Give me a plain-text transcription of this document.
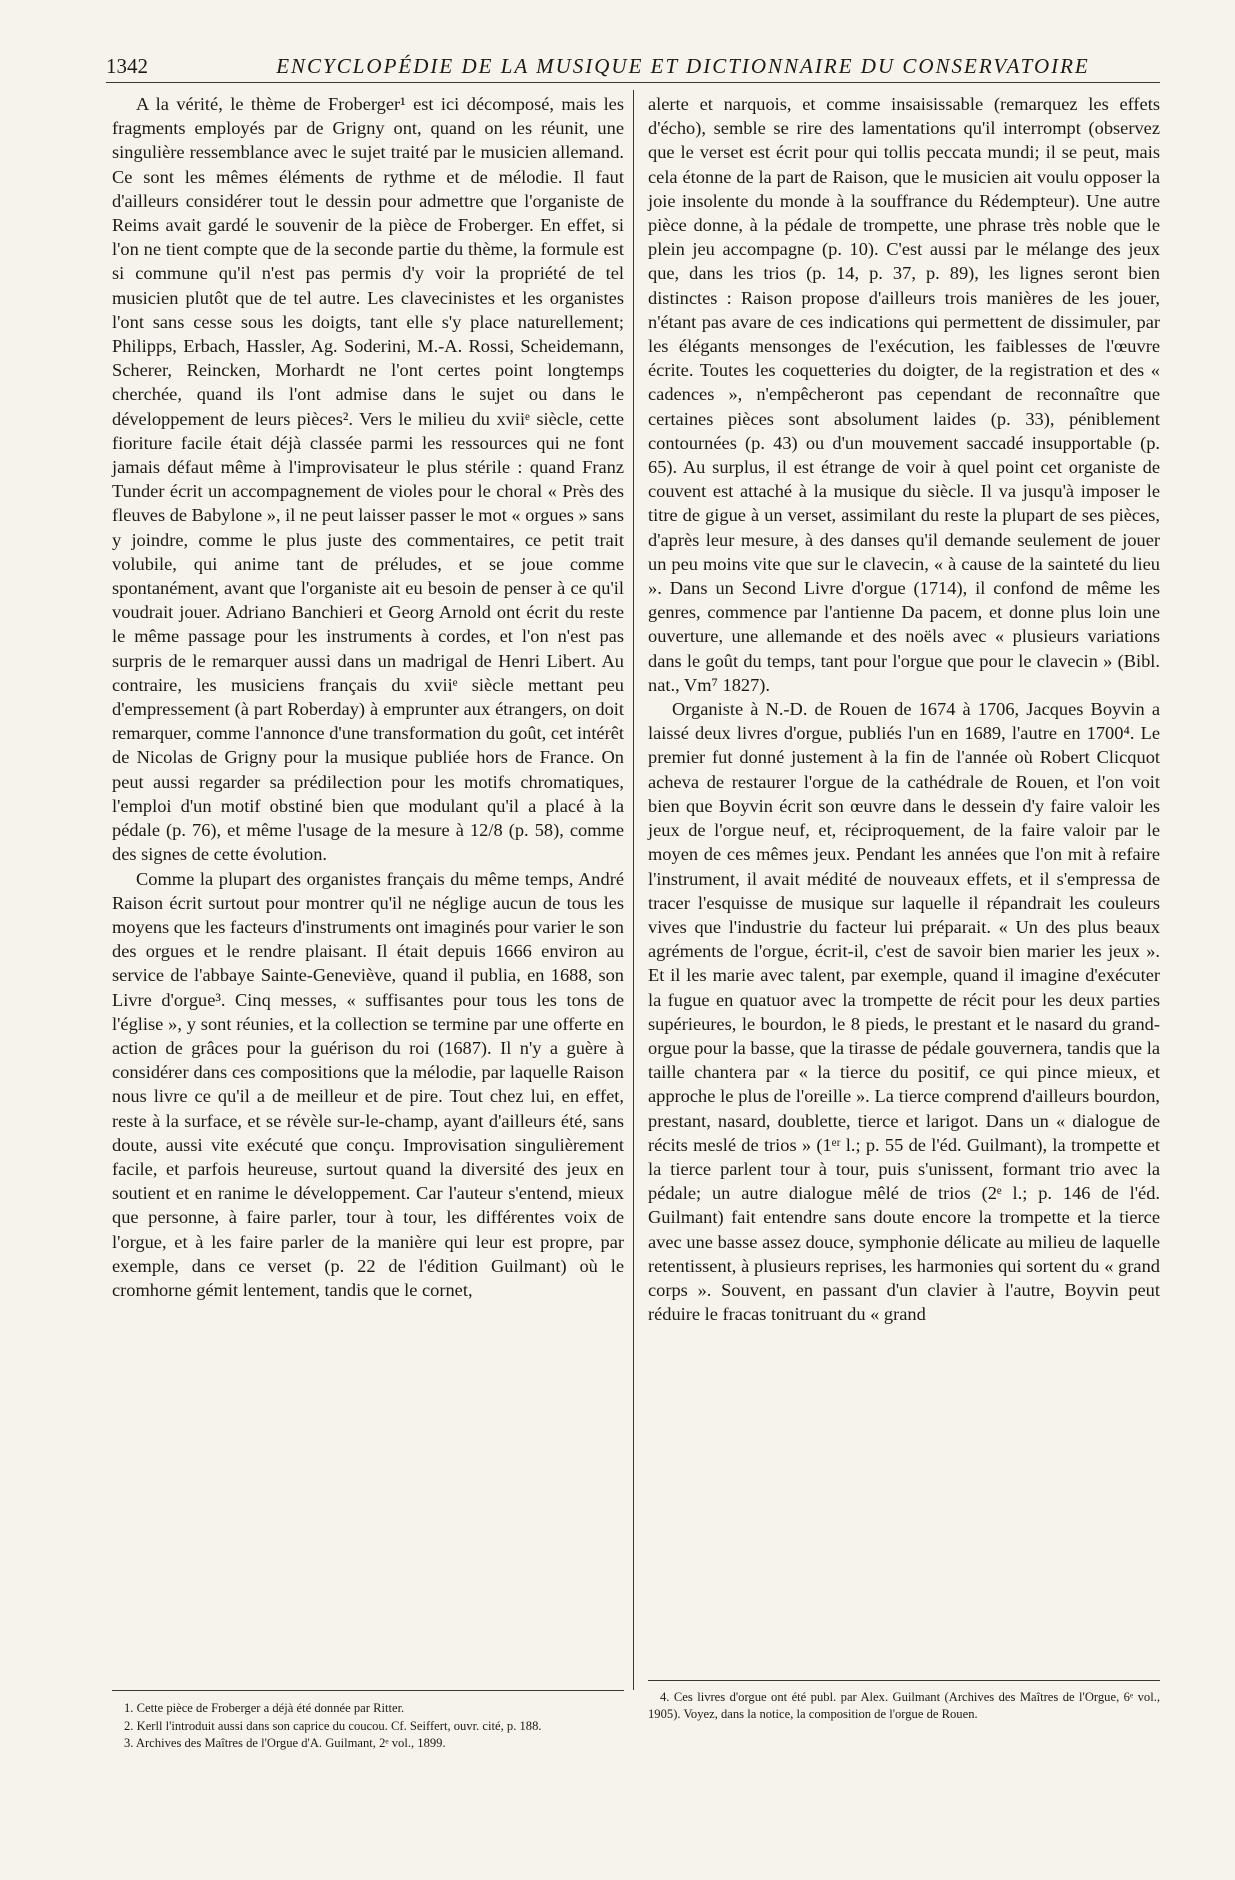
1342	ENCYCLOPÉDIE DE LA MUSIQUE ET DICTIONNAIRE DU CONSERVATOIRE

A la vérité, le thème de Froberger¹ est ici décomposé, mais les fragments employés par de Grigny ont, quand on les réunit, une singulière ressemblance avec le sujet traité par le musicien allemand. Ce sont les mêmes éléments de rythme et de mélodie. Il faut d'ailleurs considérer tout le dessin pour admettre que l'organiste de Reims avait gardé le souvenir de la pièce de Froberger. En effet, si l'on ne tient compte que de la seconde partie du thème, la formule est si commune qu'il n'est pas permis d'y voir la propriété de tel musicien plutôt que de tel autre. Les clavecinistes et les organistes l'ont sans cesse sous les doigts, tant elle s'y place naturellement; Philipps, Erbach, Hassler, Ag. Soderini, M.-A. Rossi, Scheidemann, Scherer, Reincken, Morhardt ne l'ont certes point longtemps cherchée, quand ils l'ont admise dans le sujet ou dans le développement de leurs pièces². Vers le milieu du xviiᵉ siècle, cette fioriture facile était déjà classée parmi les ressources qui ne font jamais défaut même à l'improvisateur le plus stérile : quand Franz Tunder écrit un accompagnement de violes pour le choral « Près des fleuves de Babylone », il ne peut laisser passer le mot « orgues » sans y joindre, comme le plus juste des commentaires, ce petit trait volubile, qui anime tant de préludes, et se joue comme spontanément, avant que l'organiste ait eu besoin de penser à ce qu'il voudrait jouer. Adriano Banchieri et Georg Arnold ont écrit du reste le même passage pour les instruments à cordes, et l'on n'est pas surpris de le remarquer aussi dans un madrigal de Henri Libert. Au contraire, les musiciens français du xviiᵉ siècle mettant peu d'empressement (à part Roberday) à emprunter aux étrangers, on doit remarquer, comme l'annonce d'une transformation du goût, cet intérêt de Nicolas de Grigny pour la musique publiée hors de France. On peut aussi regarder sa prédilection pour les motifs chromatiques, l'emploi d'un motif obstiné bien que modulant qu'il a placé à la pédale (p. 76), et même l'usage de la mesure à 12/8 (p. 58), comme des signes de cette évolution.

Comme la plupart des organistes français du même temps, André Raison écrit surtout pour montrer qu'il ne néglige aucun de tous les moyens que les facteurs d'instruments ont imaginés pour varier le son des orgues et le rendre plaisant. Il était depuis 1666 environ au service de l'abbaye Sainte-Geneviève, quand il publia, en 1688, son Livre d'orgue³. Cinq messes, « suffisantes pour tous les tons de l'église », y sont réunies, et la collection se termine par une offerte en action de grâces pour la guérison du roi (1687). Il n'y a guère à considérer dans ces compositions que la mélodie, par laquelle Raison nous livre ce qu'il a de meilleur et de pire. Tout chez lui, en effet, reste à la surface, et se révèle sur-le-champ, ayant d'ailleurs été, sans doute, aussi vite exécuté que conçu. Improvisation singulièrement facile, et parfois heureuse, surtout quand la diversité des jeux en soutient et en ranime le développement. Car l'auteur s'entend, mieux que personne, à faire parler, tour à tour, les différentes voix de l'orgue, et à les faire parler de la manière qui leur est propre, par exemple, dans ce verset (p. 22 de l'édition Guilmant) où le cromhorne gémit lentement, tandis que le cornet,

alerte et narquois, et comme insaisissable (remarquez les effets d'écho), semble se rire des lamentations qu'il interrompt (observez que le verset est écrit pour qui tollis peccata mundi; il se peut, mais cela étonne de la part de Raison, que le musicien ait voulu opposer la joie insolente du monde à la souffrance du Rédempteur). Une autre pièce donne, à la pédale de trompette, une phrase très noble que le plein jeu accompagne (p. 10). C'est aussi par le mélange des jeux que, dans les trios (p. 14, p. 37, p. 89), les lignes seront bien distinctes : Raison propose d'ailleurs trois manières de les jouer, n'étant pas avare de ces indications qui permettent de dissimuler, par les élégants mensonges de l'exécution, les faiblesses de l'œuvre écrite. Toutes les coquetteries du doigter, de la registration et des « cadences », n'empêcheront pas cependant de reconnaître que certaines pièces sont absolument laides (p. 33), péniblement contournées (p. 43) ou d'un mouvement saccadé insupportable (p. 65). Au surplus, il est étrange de voir à quel point cet organiste de couvent est attaché à la musique du siècle. Il va jusqu'à imposer le titre de gigue à un verset, assimilant du reste la plupart de ses pièces, d'après leur mesure, à des danses qu'il demande seulement de jouer un peu moins vite que sur le clavecin, « à cause de la sainteté du lieu ». Dans un Second Livre d'orgue (1714), il confond de même les genres, commence par l'antienne Da pacem, et donne plus loin une ouverture, une allemande et des noëls avec « plusieurs variations dans le goût du temps, tant pour l'orgue que pour le clavecin » (Bibl. nat., Vm⁷ 1827).

Organiste à N.-D. de Rouen de 1674 à 1706, Jacques Boyvin a laissé deux livres d'orgue, publiés l'un en 1689, l'autre en 1700⁴. Le premier fut donné justement à la fin de l'année où Robert Clicquot acheva de restaurer l'orgue de la cathédrale de Rouen, et l'on voit bien que Boyvin écrit son œuvre dans le dessein d'y faire valoir les jeux de l'orgue neuf, et, réciproquement, de la faire valoir par le moyen de ces mêmes jeux. Pendant les années que l'on mit à refaire l'instrument, il avait médité de nouveaux effets, et il s'empressa de tracer l'esquisse de musique sur laquelle il répandrait les couleurs vives que l'industrie du facteur lui préparait. « Un des plus beaux agréments de l'orgue, écrit-il, c'est de savoir bien marier les jeux ». Et il les marie avec talent, par exemple, quand il imagine d'exécuter la fugue en quatuor avec la trompette de récit pour les deux parties supérieures, le bourdon, le 8 pieds, le prestant et le nasard du grand-orgue pour la basse, que la tirasse de pédale gouvernera, tandis que la taille chantera par « la tierce du positif, ce qui pince mieux, et approche le plus de l'oreille ». La tierce comprend d'ailleurs bourdon, prestant, nasard, doublette, tierce et larigot. Dans un « dialogue de récits meslé de trios » (1ᵉʳ l.; p. 55 de l'éd. Guilmant), la trompette et la tierce parlent tour à tour, puis s'unissent, formant trio avec la pédale; un autre dialogue mêlé de trios (2ᵉ l.; p. 146 de l'éd. Guilmant) fait entendre sans doute encore la trompette et la tierce avec une basse assez douce, symphonie délicate au milieu de laquelle retentissent, à plusieurs reprises, les harmonies qui sortent du « grand corps ». Souvent, en passant d'un clavier à l'autre, Boyvin peut réduire le fracas tonitruant du « grand

1. Cette pièce de Froberger a déjà été donnée par Ritter.

2. Kerll l'introduit aussi dans son caprice du coucou. Cf. Seiffert, ouvr. cité, p. 188.

3. Archives des Maîtres de l'Orgue d'A. Guilmant, 2ᵉ vol., 1899.

4. Ces livres d'orgue ont été publ. par Alex. Guilmant (Archives des Maîtres de l'Orgue, 6ᵉ vol., 1905). Voyez, dans la notice, la composition de l'orgue de Rouen.
